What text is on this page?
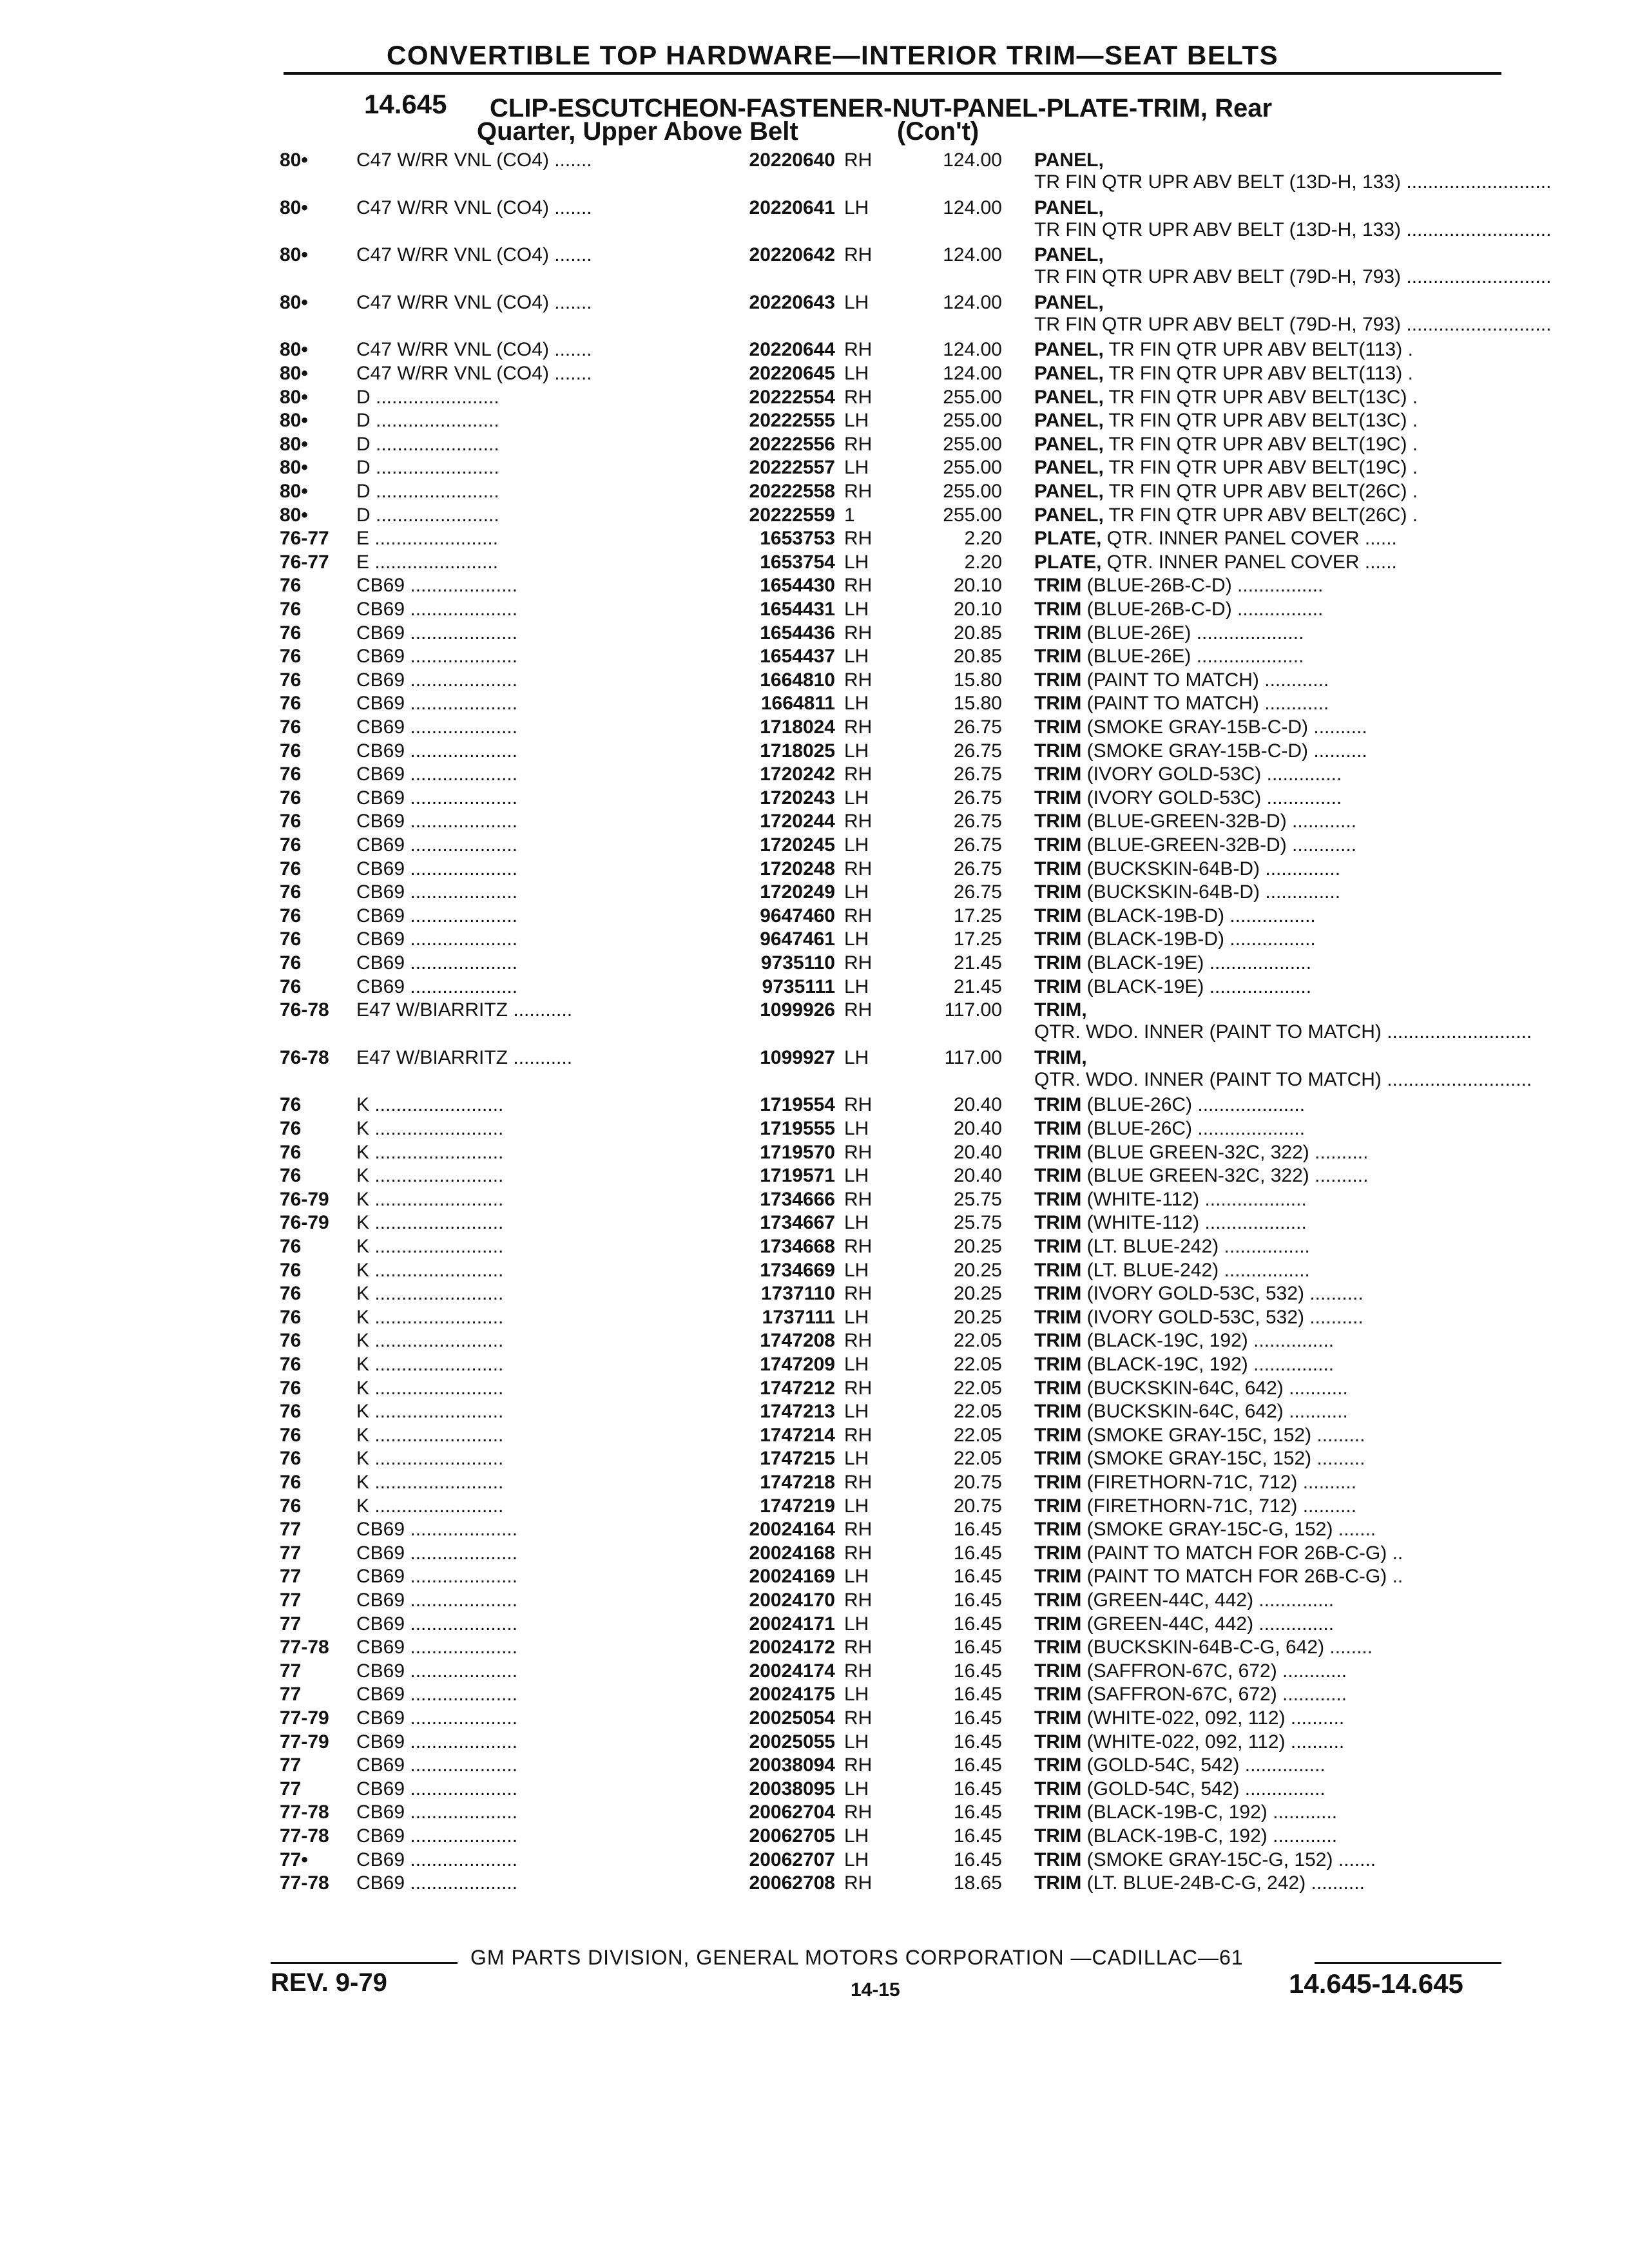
CONVERTIBLE TOP HARDWARE—INTERIOR TRIM—SEAT BELTS
14.645 CLIP-ESCUTCHEON-FASTENER-NUT-PANEL-PLATE-TRIM, Rear
Quarter, Upper Above Belt	(Con't)
80•	C47 W/RR VNL (CO4) .......	20220640 RH	124.00 PANEL, TR FIN QTR UPR ABV BELT (13D-H, 133) ...........................
80•	C47 W/RR VNL (CO4) .......	20220641 LH	124.00 PANEL, TR FIN QTR UPR ABV BELT (13D-H, 133) ...........................
80•	C47 W/RR VNL (CO4) .......	20220642 RH	124.00 PANEL, TR FIN QTR UPR ABV BELT (79D-H, 793) ...........................
80•	C47 W/RR VNL (CO4) .......	20220643 LH	124.00 PANEL, TR FIN QTR UPR ABV BELT (79D-H, 793) ...........................
80•	C47 W/RR VNL (CO4) .......	20220644 RH	124.00 PANEL, TR FIN QTR UPR ABV BELT(113) .
80•	C47 W/RR VNL (CO4) .......	20220645 LH	124.00 PANEL, TR FIN QTR UPR ABV BELT(113) .
80•	D .......................	20222554 RH	255.00 PANEL, TR FIN QTR UPR ABV BELT(13C) .
80•	D .......................	20222555 LH	255.00 PANEL, TR FIN QTR UPR ABV BELT(13C) .
80•	D .......................	20222556 RH	255.00 PANEL, TR FIN QTR UPR ABV BELT(19C) .
80•	D .......................	20222557 LH	255.00 PANEL, TR FIN QTR UPR ABV BELT(19C) .
80•	D .......................	20222558 RH	255.00 PANEL, TR FIN QTR UPR ABV BELT(26C) .
80•	D .......................	20222559 1	255.00 PANEL, TR FIN QTR UPR ABV BELT(26C) .
76-77 E .......................	1653753 RH	2.20 PLATE, QTR. INNER PANEL COVER ......
76-77 E .......................	1653754 LH	2.20 PLATE, QTR. INNER PANEL COVER ......
76	CB69 ....................	1654430 RH	20.10 TRIM (BLUE-26B-C-D) ................
76	CB69 ....................	1654431 LH	20.10 TRIM (BLUE-26B-C-D) ................
76	CB69 ....................	1654436 RH	20.85 TRIM (BLUE-26E) ....................
76	CB69 ....................	1654437 LH	20.85 TRIM (BLUE-26E) ....................
76	CB69 ....................	1664810 RH	15.80 TRIM (PAINT TO MATCH) ............
76	CB69 ....................	1664811 LH	15.80 TRIM (PAINT TO MATCH) ............
76	CB69 ....................	1718024 RH	26.75 TRIM (SMOKE GRAY-15B-C-D) ..........
76	CB69 ....................	1718025 LH	26.75 TRIM (SMOKE GRAY-15B-C-D) ..........
76	CB69 ....................	1720242 RH	26.75 TRIM (IVORY GOLD-53C) ..............
76	CB69 ....................	1720243 LH	26.75 TRIM (IVORY GOLD-53C) ..............
76	CB69 ....................	1720244 RH	26.75 TRIM (BLUE-GREEN-32B-D) ............
76	CB69 ....................	1720245 LH	26.75 TRIM (BLUE-GREEN-32B-D) ............
76	CB69 ....................	1720248 RH	26.75 TRIM (BUCKSKIN-64B-D) ..............
76	CB69 ....................	1720249 LH	26.75 TRIM (BUCKSKIN-64B-D) ..............
76	CB69 ....................	9647460 RH	17.25 TRIM (BLACK-19B-D) ................
76	CB69 ....................	9647461 LH	17.25 TRIM (BLACK-19B-D) ................
76	CB69 ....................	9735110 RH	21.45 TRIM (BLACK-19E) ...................
76	CB69 ....................	9735111 LH	21.45 TRIM (BLACK-19E) ...................
76-78 E47 W/BIARRITZ ...........	1099926 RH	117.00 TRIM, QTR. WDO. INNER (PAINT TO MATCH) ...........................
76-78 E47 W/BIARRITZ ...........	1099927 LH	117.00 TRIM, QTR. WDO. INNER (PAINT TO MATCH) ...........................
76	K ........................	1719554 RH	20.40 TRIM (BLUE-26C) ....................
76	K ........................	1719555 LH	20.40 TRIM (BLUE-26C) ....................
76	K ........................	1719570 RH	20.40 TRIM (BLUE GREEN-32C, 322) ..........
76	K ........................	1719571 LH	20.40 TRIM (BLUE GREEN-32C, 322) ..........
76-79 K ........................	1734666 RH	25.75 TRIM (WHITE-112) ...................
76-79 K ........................	1734667 LH	25.75 TRIM (WHITE-112) ...................
76	K ........................	1734668 RH	20.25 TRIM (LT. BLUE-242) ................
76	K ........................	1734669 LH	20.25 TRIM (LT. BLUE-242) ................
76	K ........................	1737110 RH	20.25 TRIM (IVORY GOLD-53C, 532) ..........
76	K ........................	1737111 LH	20.25 TRIM (IVORY GOLD-53C, 532) ..........
76	K ........................	1747208 RH	22.05 TRIM (BLACK-19C, 192) ...............
76	K ........................	1747209 LH	22.05 TRIM (BLACK-19C, 192) ...............
76	K ........................	1747212 RH	22.05 TRIM (BUCKSKIN-64C, 642) ...........
76	K ........................	1747213 LH	22.05 TRIM (BUCKSKIN-64C, 642) ...........
76	K ........................	1747214 RH	22.05 TRIM (SMOKE GRAY-15C, 152) .........
76	K ........................	1747215 LH	22.05 TRIM (SMOKE GRAY-15C, 152) .........
76	K ........................	1747218 RH	20.75 TRIM (FIRETHORN-71C, 712) ..........
76	K ........................	1747219 LH	20.75 TRIM (FIRETHORN-71C, 712) ..........
77	CB69 ....................	20024164 RH	16.45 TRIM (SMOKE GRAY-15C-G, 152) .......
77	CB69 ....................	20024168 RH	16.45 TRIM (PAINT TO MATCH FOR 26B-C-G) ..
77	CB69 ....................	20024169 LH	16.45 TRIM (PAINT TO MATCH FOR 26B-C-G) ..
77	CB69 ....................	20024170 RH	16.45 TRIM (GREEN-44C, 442) ..............
77	CB69 ....................	20024171 LH	16.45 TRIM (GREEN-44C, 442) ..............
77-78 CB69 ....................	20024172 RH	16.45 TRIM (BUCKSKIN-64B-C-G, 642) ........
77	CB69 ....................	20024174 RH	16.45 TRIM (SAFFRON-67C, 672) ............
77	CB69 ....................	20024175 LH	16.45 TRIM (SAFFRON-67C, 672) ............
77-79 CB69 ....................	20025054 RH	16.45 TRIM (WHITE-022, 092, 112) ..........
77-79 CB69 ....................	20025055 LH	16.45 TRIM (WHITE-022, 092, 112) ..........
77	CB69 ....................	20038094 RH	16.45 TRIM (GOLD-54C, 542) ...............
77	CB69 ....................	20038095 LH	16.45 TRIM (GOLD-54C, 542) ...............
77-78 CB69 ....................	20062704 RH	16.45 TRIM (BLACK-19B-C, 192) ............
77-78 CB69 ....................	20062705 LH	16.45 TRIM (BLACK-19B-C, 192) ............
77•	CB69 ....................	20062707 LH	16.45 TRIM (SMOKE GRAY-15C-G, 152) .......
77-78 CB69 ....................	20062708 RH	18.65 TRIM (LT. BLUE-24B-C-G, 242) ..........
GM PARTS DIVISION, GENERAL MOTORS CORPORATION —CADILLAC—61
REV. 9-79	14-15	14.645-14.645
